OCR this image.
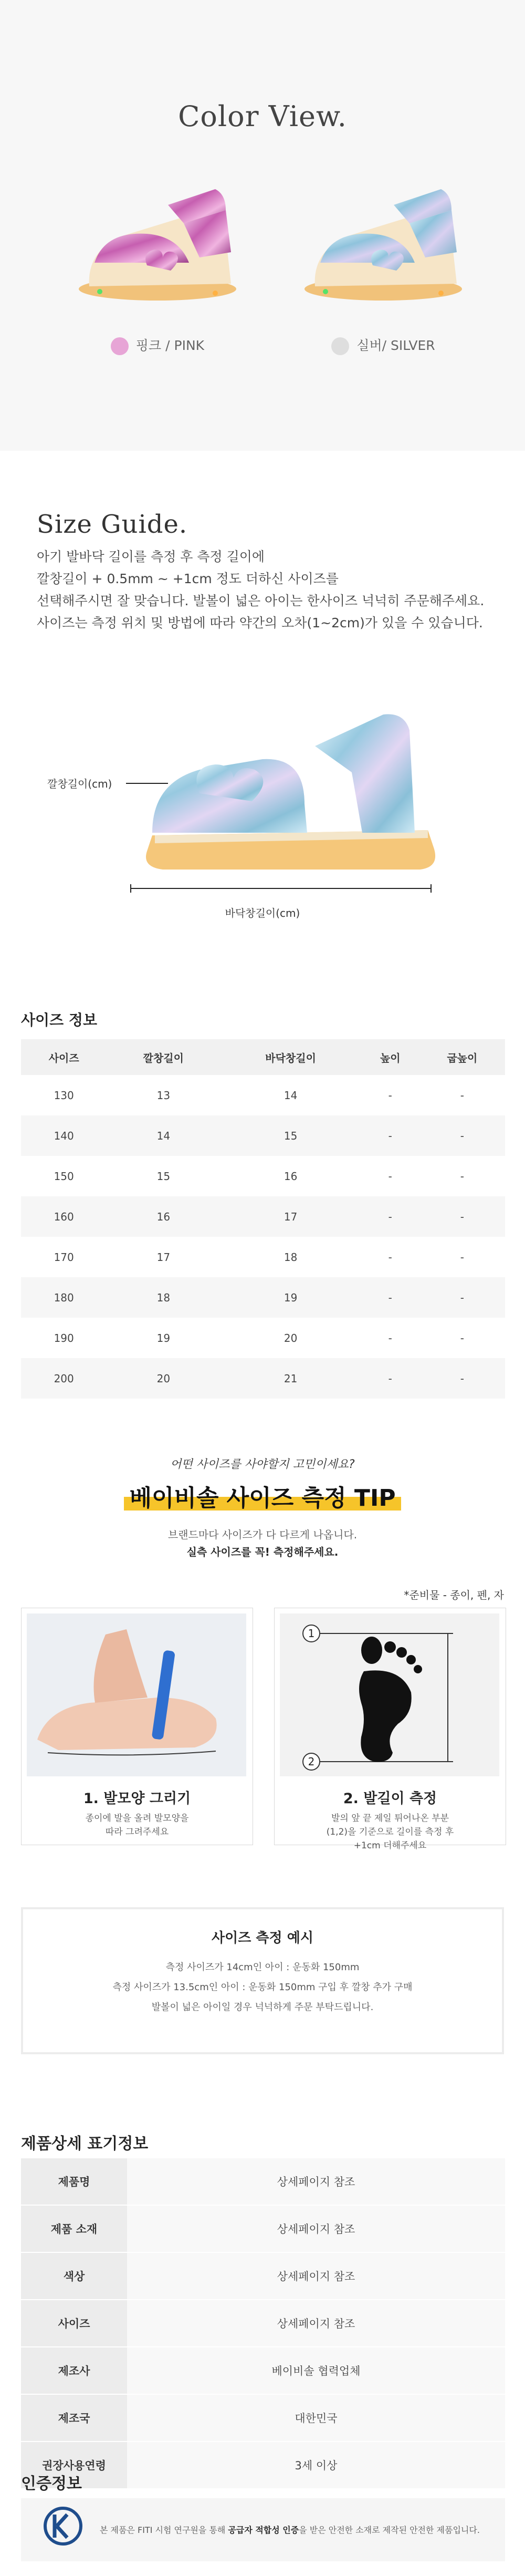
Color View.
핑크 / PINK	실버/ SILVER
Size Guide.
아기 발바닥 길이를 측정 후 측정 길이에
깔창길이 + 0.5mm ~ +1cm 정도 더하신 사이즈를
선택해주시면 잘 맞습니다. 발볼이 넓은 아이는 한사이즈 넉넉히 주문해주세요.
사이즈는 측정 위치 및 방법에 따라 약간의 오차(1~2cm)가 있을 수 있습니다.
깔창길이(cm)
바닥창길이(cm)
사이즈 정보
사이즈	깔창길이	바닥창길이	높이	굽높이
130	13	14	-	-
140	14	15	-	-
150	15	16	-	-
160	16	17	-	-
170	17	18	-	-
180	18	19	-	-
190	19	20	-	-
200	20	21	-	-
어떤 사이즈를 사야할지 고민이세요?
베이비솔 사이즈 측정 TIP
브랜드마다 사이즈가 다 다르게 나옵니다.
실측 사이즈를 꼭! 측정해주세요.
*준비물 - 종이, 펜, 자
1. 발모양 그리기
종이에 발을 올려 발모양을
따라 그려주세요
1
2
2. 발길이 측정
발의 앞 끝 제일 튀어나온 부분
(1,2)을 기준으로 길이를 측정 후
+1cm 더해주세요
사이즈 측정 예시
측정 사이즈가 14cm인 아이 : 운동화 150mm
측정 사이즈가 13.5cm인 아이 : 운동화 150mm 구입 후 깔창 추가 구매
발볼이 넓은 아이일 경우 넉넉하게 주문 부탁드립니다.
제품상세 표기정보
제품명	상세페이지 참조
제품 소재	상세페이지 참조
색상	상세페이지 참조
사이즈	상세페이지 참조
제조사	베이비솔 협력업체
제조국	대한민국
권장사용연령	3세 이상
인증정보
본 제품은 FITI 시험 연구원을 통해 공급자 적합성 인증을 받은 안전한 소재로 제작된 안전한 제품입니다.
